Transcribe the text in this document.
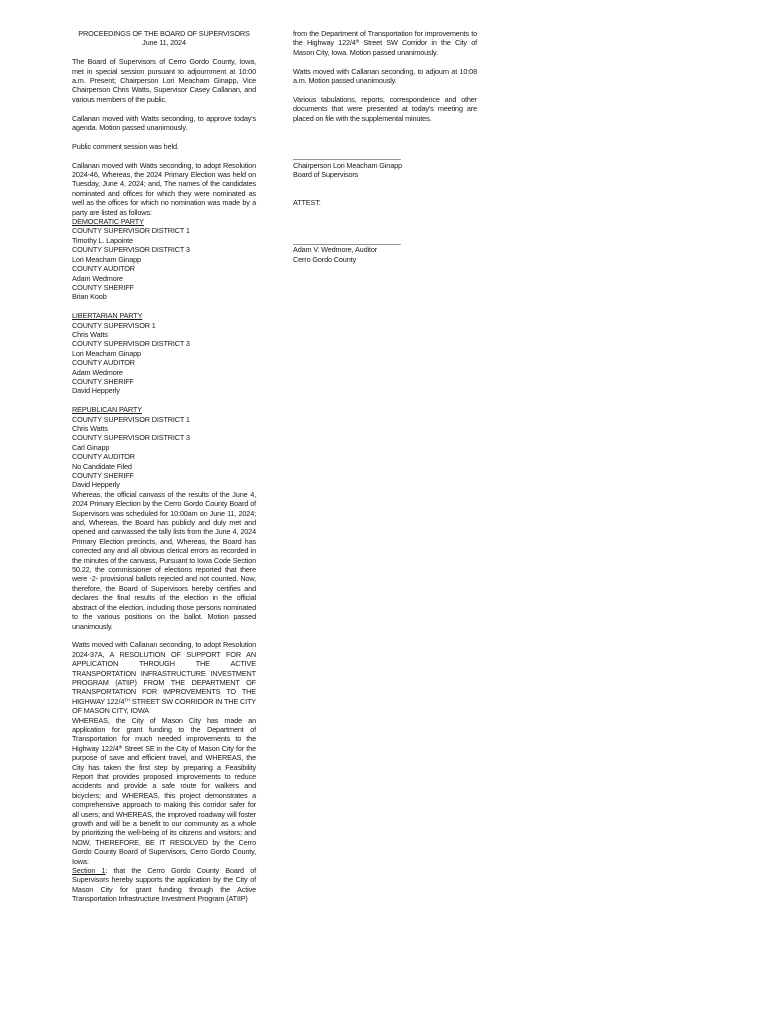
PROCEEDINGS OF THE BOARD OF SUPERVISORS

June 11, 2024

The Board of Supervisors of Cerro Gordo County, Iowa, met in special session pursuant to adjournment at 10:00 a.m. Present; Chairperson Lori Meacham Ginapp, Vice Chairperson Chris Watts, Supervisor Casey Callanan, and various members of the public.

Callanan moved with Watts seconding, to approve today's agenda. Motion passed unanimously.

Public comment session was held.

Callanan moved with Watts seconding, to adopt Resolution 2024-46, Whereas, the 2024 Primary Election was held on Tuesday, June 4, 2024; and, The names of the candidates nominated and offices for which they were nominated as well as the offices for which no nomination was made by a party are listed as follows:

DEMOCRATIC PARTY
COUNTY SUPERVISOR DISTRICT 1
Timothy L. Lapointe
COUNTY SUPERVISOR DISTRICT 3
Lori Meacham Ginapp
COUNTY AUDITOR
Adam Wedmore
COUNTY SHERIFF
Brian Koob
LIBERTARIAN PARTY
COUNTY SUPERVISOR 1
Chris Watts
COUNTY SUPERVISOR DISTRICT 3
Lori Meacham Ginapp
COUNTY AUDITOR
Adam Wedmore
COUNTY SHERIFF
David Hepperly
REPUBLICAN PARTY
COUNTY SUPERVISOR DISTRICT 1
Chris Watts
COUNTY SUPERVISOR DISTRICT 3
Carl Ginapp
COUNTY AUDITOR
No Candidate Filed
COUNTY SHERIFF
David Hepperly

Whereas, the official canvass of the results of the June 4, 2024 Primary Election by the Cerro Gordo County Board of Supervisors was scheduled for 10:00am on June 11, 2024; and, Whereas, the Board has publicly and duly met and opened and canvassed the tally lists from the June 4, 2024 Primary Election precincts, and, Whereas, the Board has corrected any and all obvious clerical errors as recorded in the minutes of the canvass, Pursuant to Iowa Code Section 50.22, the commissioner of elections reported that there were -2- provisional ballots rejected and not counted. Now, therefore, the Board of Supervisors hereby certifies and declares the final results of the election in the official abstract of the election, including those persons nominated to the various positions on the ballot. Motion passed unanimously.

Watts moved with Callanan seconding, to adopt Resolution 2024-37A, A RESOLUTION OF SUPPORT FOR AN APPLICATION THROUGH THE ACTIVE TRANSPORTATION INFRASTRUCTURE INVESTMENT PROGRAM (ATIIP) FROM THE DEPARTMENT OF TRANSPORTATION FOR IMPROVEMENTS TO THE HIGHWAY 122/4TH STREET SW CORRIDOR IN THE CITY OF MASON CITY, IOWA

WHEREAS, the City of Mason City has made an application for grant funding to the Department of Transportation for much needed improvements to the Highway 122/4th Street SE in the City of Mason City for the purpose of save and efficient travel, and WHEREAS, the City has taken the first step by preparing a Feasibility Report that provides proposed improvements to reduce accidents and provide a safe route for walkers and bicyclers; and WHEREAS, this project demonstrates a comprehensive approach to making this corridor safer for all users; and WHEREAS, the improved roadway will foster growth and will be a benefit to our community as a whole by prioritizing the well-being of its citizens and visitors; and NOW, THEREFORE, BE IT RESOLVED by the Cerro Gordo County Board of Supervisors, Cerro Gordo County, Iowa:

Section 1: that the Cerro Gordo County Board of Supervisors hereby supports the application by the City of Mason City for grant funding through the Active Transportation Infrastructure Investment Program (ATIIP)

from the Department of Transportation for improvements to the Highway 122/4th Street SW Corridor in the City of Mason City, Iowa. Motion passed unanimously.

Watts moved with Callanan seconding, to adjourn at 10:08 a.m. Motion passed unanimously.

Various tabulations, reports, correspondence and other documents that were presented at today's meeting are placed on file with the supplemental minutes.

_______________________________

Chairperson Lori Meacham Ginapp

Board of Supervisors

ATTEST:

_______________________________

Adam V. Wedmore, Auditor

Cerro Gordo County
